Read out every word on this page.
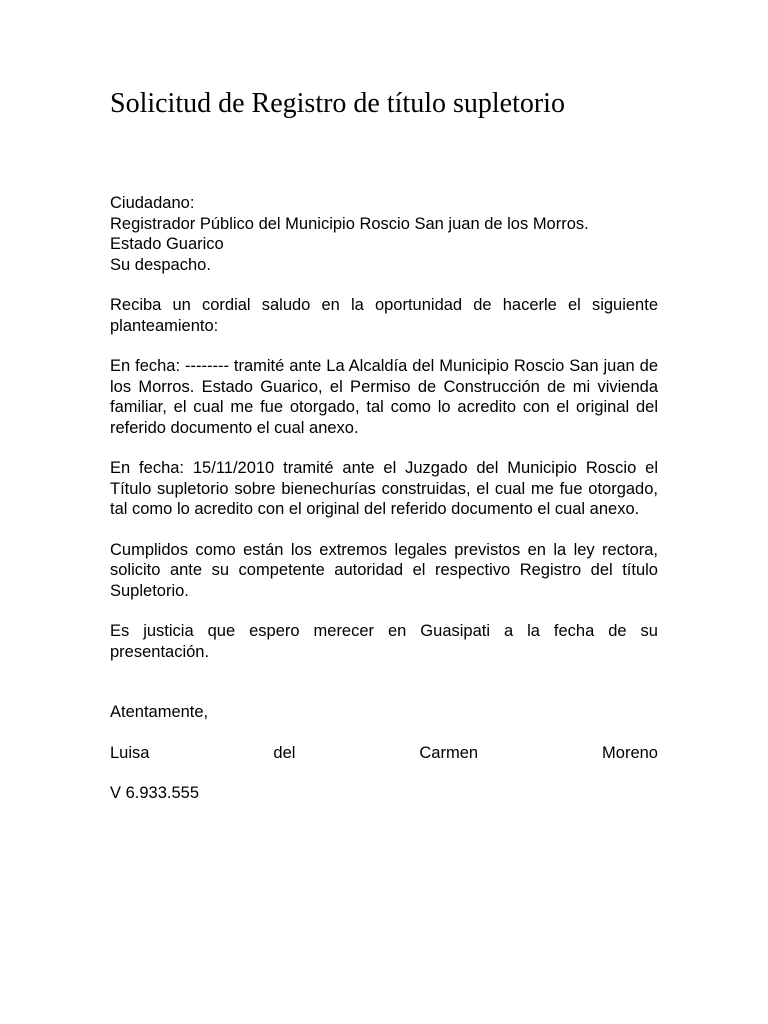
Solicitud de Registro de título supletorio
Ciudadano:
Registrador Público del Municipio Roscio San juan de los Morros.
Estado Guarico
Su despacho.

Reciba un cordial saludo en la oportunidad de hacerle el siguiente planteamiento:

En fecha: -------- tramité ante La Alcaldía del Municipio Roscio San juan de los Morros. Estado Guarico, el Permiso de Construcción de mi vivienda familiar, el cual me fue otorgado, tal como lo acredito con el original del referido documento el cual anexo.

En fecha: 15/11/2010 tramité ante el Juzgado del Municipio Roscio el Título supletorio sobre bienechurías construidas, el cual me fue otorgado, tal como lo acredito con el original del referido documento el cual anexo.

Cumplidos como están los extremos legales previstos en la ley rectora, solicito ante su competente autoridad el respectivo Registro del título Supletorio.

Es justicia que espero merecer en Guasipati a la fecha de su presentación.

Atentamente,
Luisa	del	Carmen	Moreno
V 6.933.555
